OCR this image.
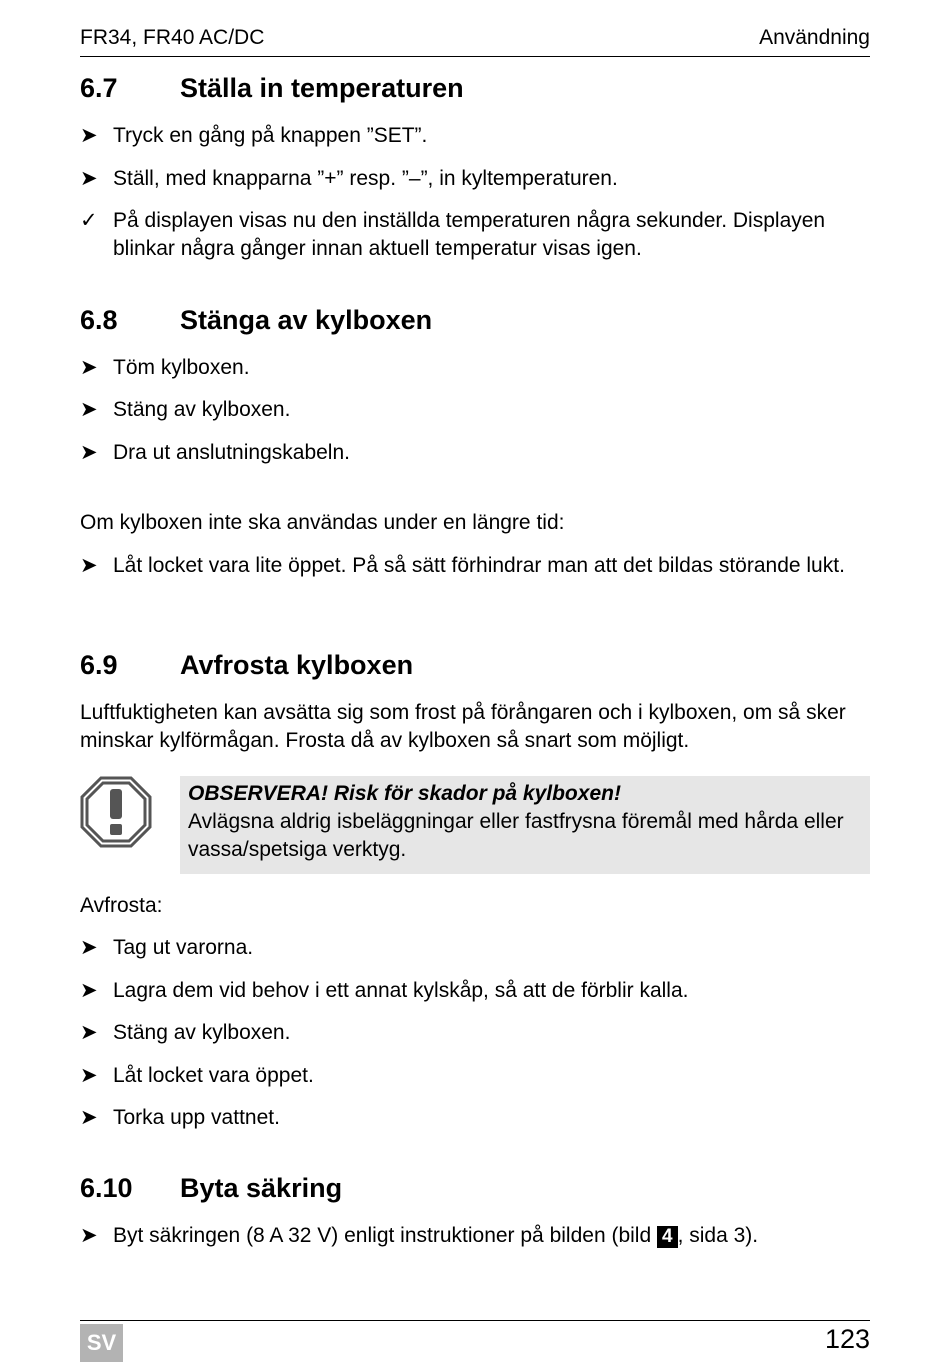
FR34, FR40 AC/DC	Användning
6.7 Ställa in temperaturen
➤ Tryck en gång på knappen ”SET”.
➤ Ställ, med knapparna ”+” resp. ”–”, in kyltemperaturen.
✓ På displayen visas nu den inställda temperaturen några sekunder. Displayen blinkar några gånger innan aktuell temperatur visas igen.
6.8 Stänga av kylboxen
➤ Töm kylboxen.
➤ Stäng av kylboxen.
➤ Dra ut anslutningskabeln.
Om kylboxen inte ska användas under en längre tid:
➤ Låt locket vara lite öppet. På så sätt förhindrar man att det bildas störande lukt.
6.9 Avfrosta kylboxen
Luftfuktigheten kan avsätta sig som frost på förångaren och i kylboxen, om så sker minskar kylförmågan. Frosta då av kylboxen så snart som möjligt.
OBSERVERA! Risk för skador på kylboxen!
Avlägsna aldrig isbeläggningar eller fastfrysna föremål med hårda eller vassa/spetsiga verktyg.
Avfrosta:
➤ Tag ut varorna.
➤ Lagra dem vid behov i ett annat kylskåp, så att de förblir kalla.
➤ Stäng av kylboxen.
➤ Låt locket vara öppet.
➤ Torka upp vattnet.
6.10 Byta säkring
➤ Byt säkringen (8 A 32 V) enligt instruktioner på bilden (bild 4 , sida 3).
SV	123
